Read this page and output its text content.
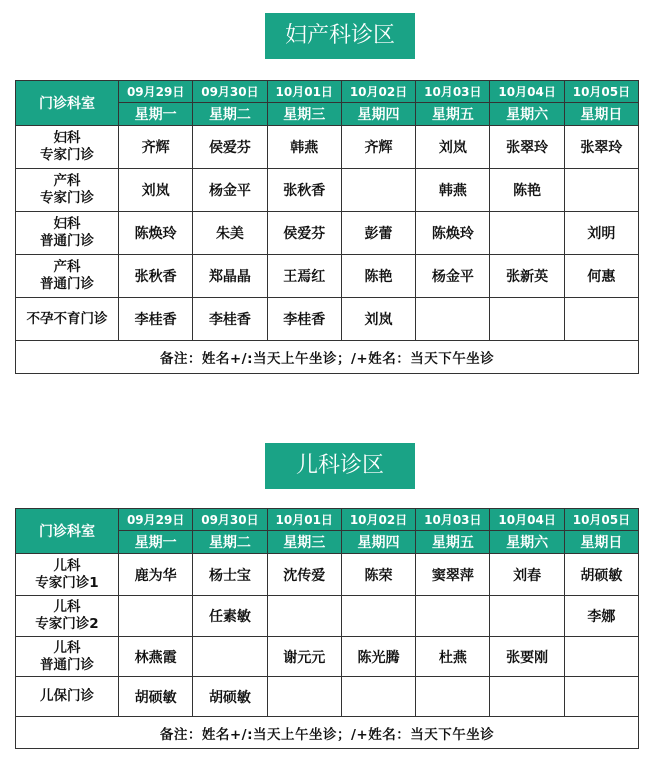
妇产科诊区
门诊科室	09月29日	09月30日	10月01日	10月02日	10月03日	10月04日	10月05日
	星期一	星期二	星期三	星期四	星期五	星期六	星期日

妇科
专家门诊	齐辉	侯爱芬	韩燕	齐辉	刘岚	张翠玲	张翠玲

产科
专家门诊	刘岚	杨金平	张秋香		韩燕	陈艳	

妇科
普通门诊	陈焕玲	朱美	侯爱芬	彭蕾	陈焕玲		刘明

产科
普通门诊	张秋香	郑晶晶	王焉红	陈艳	杨金平	张新英	何惠

不孕不育门诊	李桂香	李桂香	李桂香	刘岚			
备注：姓名+/:当天上午坐诊；/+姓名：当天下午坐诊							
儿科诊区
门诊科室	09月29日	09月30日	10月01日	10月02日	10月03日	10月04日	10月05日
	星期一	星期二	星期三	星期四	星期五	星期六	星期日

儿科
专家门诊1	鹿为华	杨士宝	沈传爱	陈荣	窦翠萍	刘春	胡硕敏

儿科
专家门诊2		任素敏					李娜

儿科
普通门诊	林燕霞		谢元元	陈光腾	杜燕	张要刚	

儿保门诊	胡硕敏	胡硕敏					
备注：姓名+/:当天上午坐诊；/+姓名：当天下午坐诊							
